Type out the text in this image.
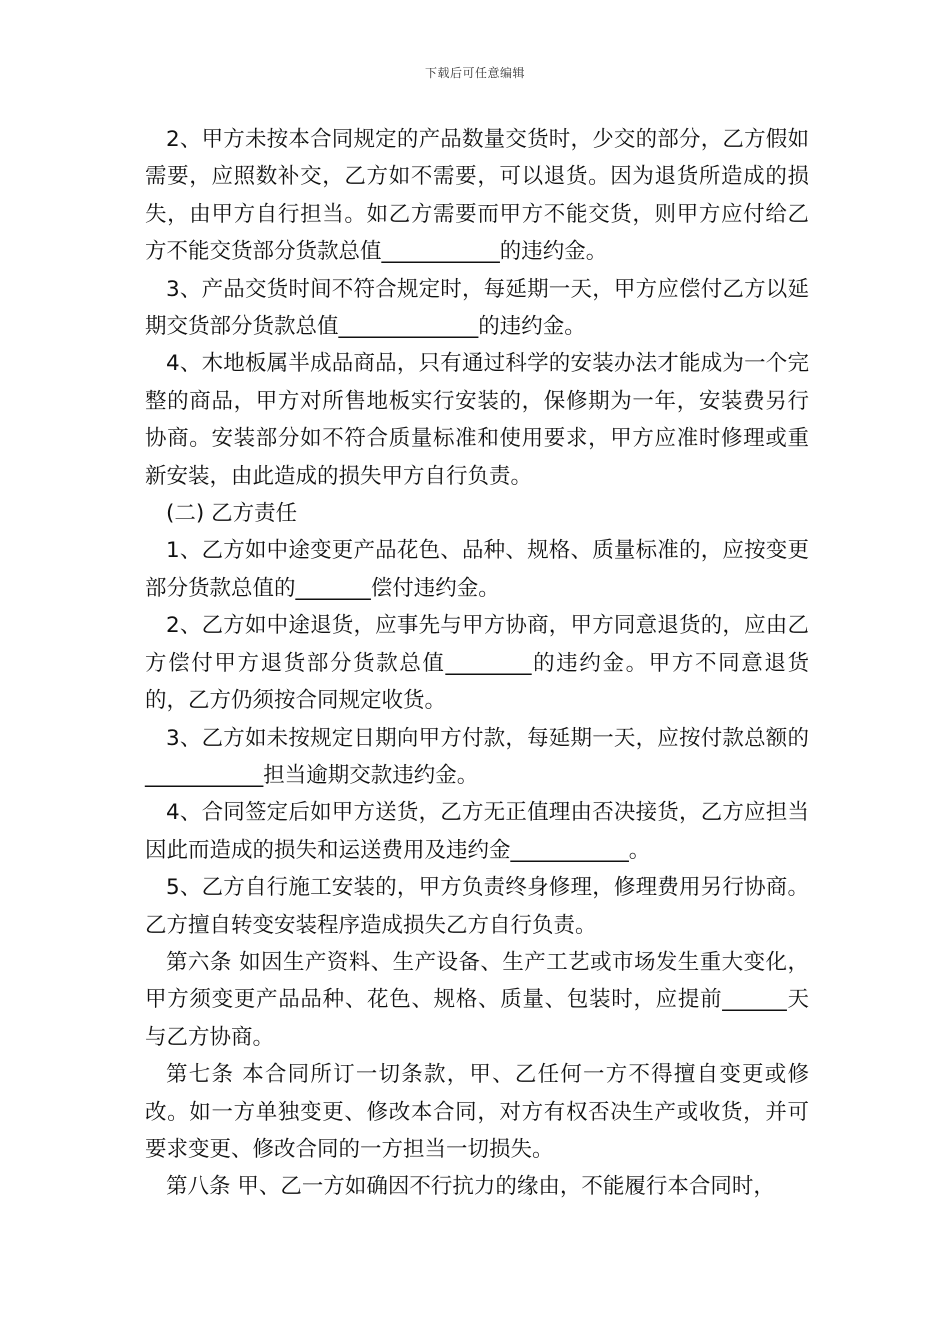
下载后可任意编辑

2、甲方未按本合同规定的产品数量交货时，少交的部分，乙方假如需要，应照数补交，乙方如不需要，可以退货。因为退货所造成的损失，由甲方自行担当。如乙方需要而甲方不能交货，则甲方应付给乙方不能交货部分货款总值___________的违约金。

3、产品交货时间不符合规定时，每延期一天，甲方应偿付乙方以延期交货部分货款总值_____________的违约金。

4、木地板属半成品商品，只有通过科学的安装办法才能成为一个完整的商品，甲方对所售地板实行安装的，保修期为一年，安装费另行协商。安装部分如不符合质量标准和使用要求，甲方应准时修理或重新安装，由此造成的损失甲方自行负责。

(二) 乙方责任

1、乙方如中途变更产品花色、品种、规格、质量标准的，应按变更部分货款总值的_______偿付违约金。

2、乙方如中途退货，应事先与甲方协商，甲方同意退货的，应由乙方偿付甲方退货部分货款总值________的违约金。甲方不同意退货的，乙方仍须按合同规定收货。

3、乙方如未按规定日期向甲方付款，每延期一天，应按付款总额的___________担当逾期交款违约金。

4、合同签定后如甲方送货，乙方无正值理由否决接货，乙方应担当因此而造成的损失和运送费用及违约金___________。

5、乙方自行施工安装的，甲方负责终身修理，修理费用另行协商。乙方擅自转变安装程序造成损失乙方自行负责。

第六条 如因生产资料、生产设备、生产工艺或市场发生重大变化，甲方须变更产品品种、花色、规格、质量、包装时，应提前______天与乙方协商。

第七条 本合同所订一切条款，甲、乙任何一方不得擅自变更或修改。如一方单独变更、修改本合同，对方有权否决生产或收货，并可要求变更、修改合同的一方担当一切损失。

第八条 甲、乙一方如确因不行抗力的缘由，不能履行本合同时，
